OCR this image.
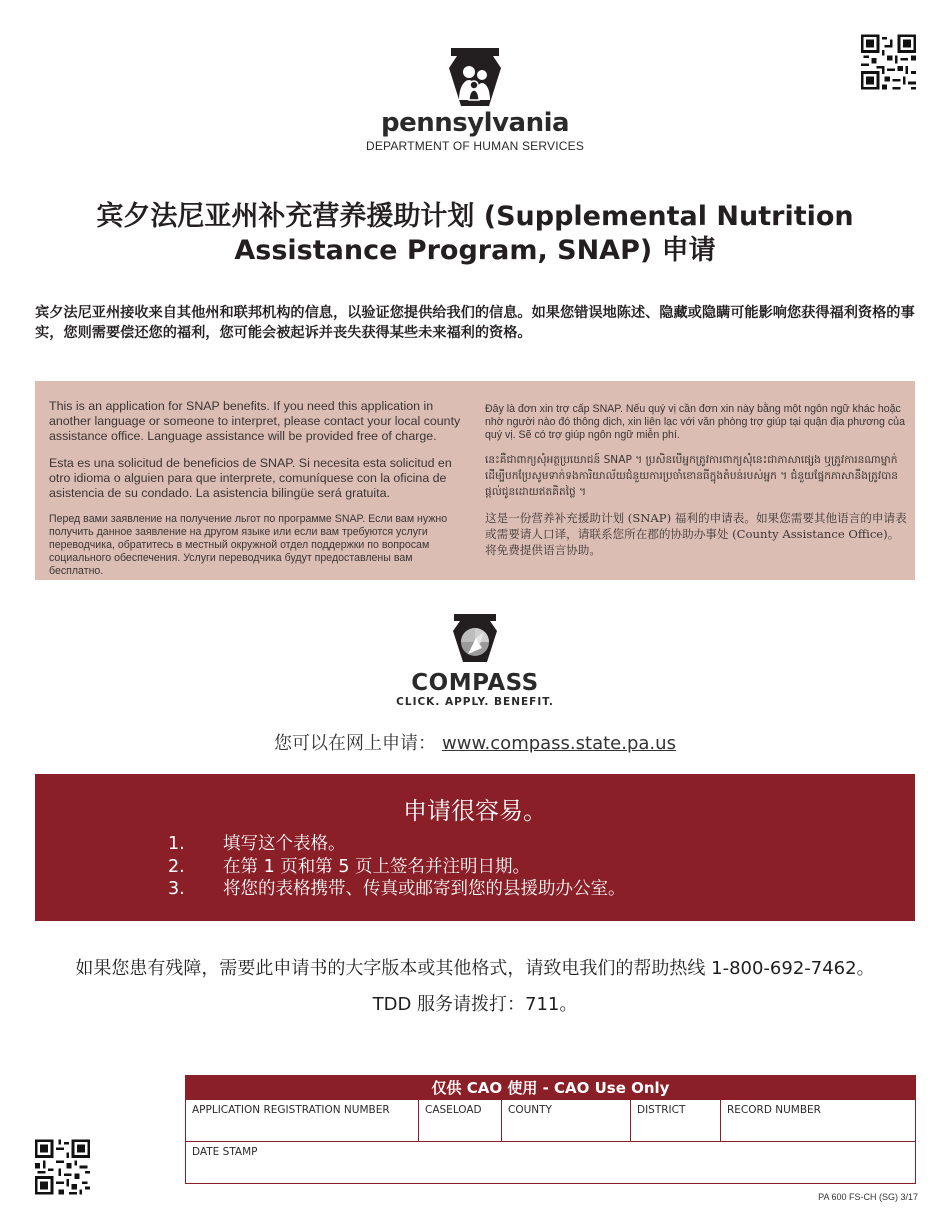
pennsylvania
DEPARTMENT OF HUMAN SERVICES
宾夕法尼亚州补充营养援助计划 (Supplemental Nutrition Assistance Program, SNAP) 申请
宾夕法尼亚州接收来自其他州和联邦机构的信息，以验证您提供给我们的信息。如果您错误地陈述、隐藏或隐瞒可能影响您获得福利资格的事实，您则需要偿还您的福利，您可能会被起诉并丧失获得某些未来福利的资格。

This is an application for SNAP benefits. If you need this application in another language or someone to interpret, please contact your local county assistance office. Language assistance will be provided free of charge.

Esta es una solicitud de beneficios de SNAP. Si necesita esta solicitud en otro idioma o alguien para que interprete, comuníquese con la oficina de asistencia de su condado. La asistencia bilingüe será gratuita.

Перед вами заявление на получение льгот по программе SNAP. Если вам нужно получить данное заявление на другом языке или если вам требуются услуги переводчика, обратитесь в местный окружной отдел поддержки по вопросам социального обеспечения. Услуги переводчика будут предоставлены вам бесплатно.

Đây là đơn xin trợ cấp SNAP. Nếu quý vị cần đơn xin này bằng một ngôn ngữ khác hoặc nhờ người nào đó thông dịch, xin liên lạc với văn phòng trợ giúp tại quận địa phương của quý vị. Sẽ có trợ giúp ngôn ngữ miễn phí.

នេះគឺជាពាក្យសុំអត្ថប្រយោជន៍ SNAP ។ ប្រសិនបើអ្នកត្រូវការពាក្យសុំនេះជាភាសាផ្សេង ឬត្រូវការនណាម្នាក់ដើម្បីបកប្រែសូមទាក់ទងការិយាល័យជំនួយការប្រចាំខោនធីក្នុងតំបន់របស់អ្នក ។ ជំនួយផ្នែកភាសានឹងត្រូវបានផ្តល់ជូនដោយឥតគិតថ្លៃ ។

这是一份营养补充援助计划 (SNAP) 福利的申请表。如果您需要其他语言的申请表或需要请人口译，请联系您所在郡的协助办事处 (County Assistance Office)。将免费提供语言协助。

COMPASS
CLICK. APPLY. BENEFIT.
您可以在网上申请： www.compass.state.pa.us
申请很容易。
1.	填写这个表格。
2.	在第 1 页和第 5 页上签名并注明日期。
3.	将您的表格携带、传真或邮寄到您的县援助办公室。
如果您患有残障，需要此申请书的大字版本或其他格式，请致电我们的帮助热线 1-800-692-7462。
TDD 服务请拨打：711。
仅供 CAO 使用 - CAO Use Only
APPLICATION REGISTRATION NUMBER	CASELOAD	COUNTY	DISTRICT	RECORD NUMBER
DATE STAMP
PA 600 FS-CH (SG) 3/17
